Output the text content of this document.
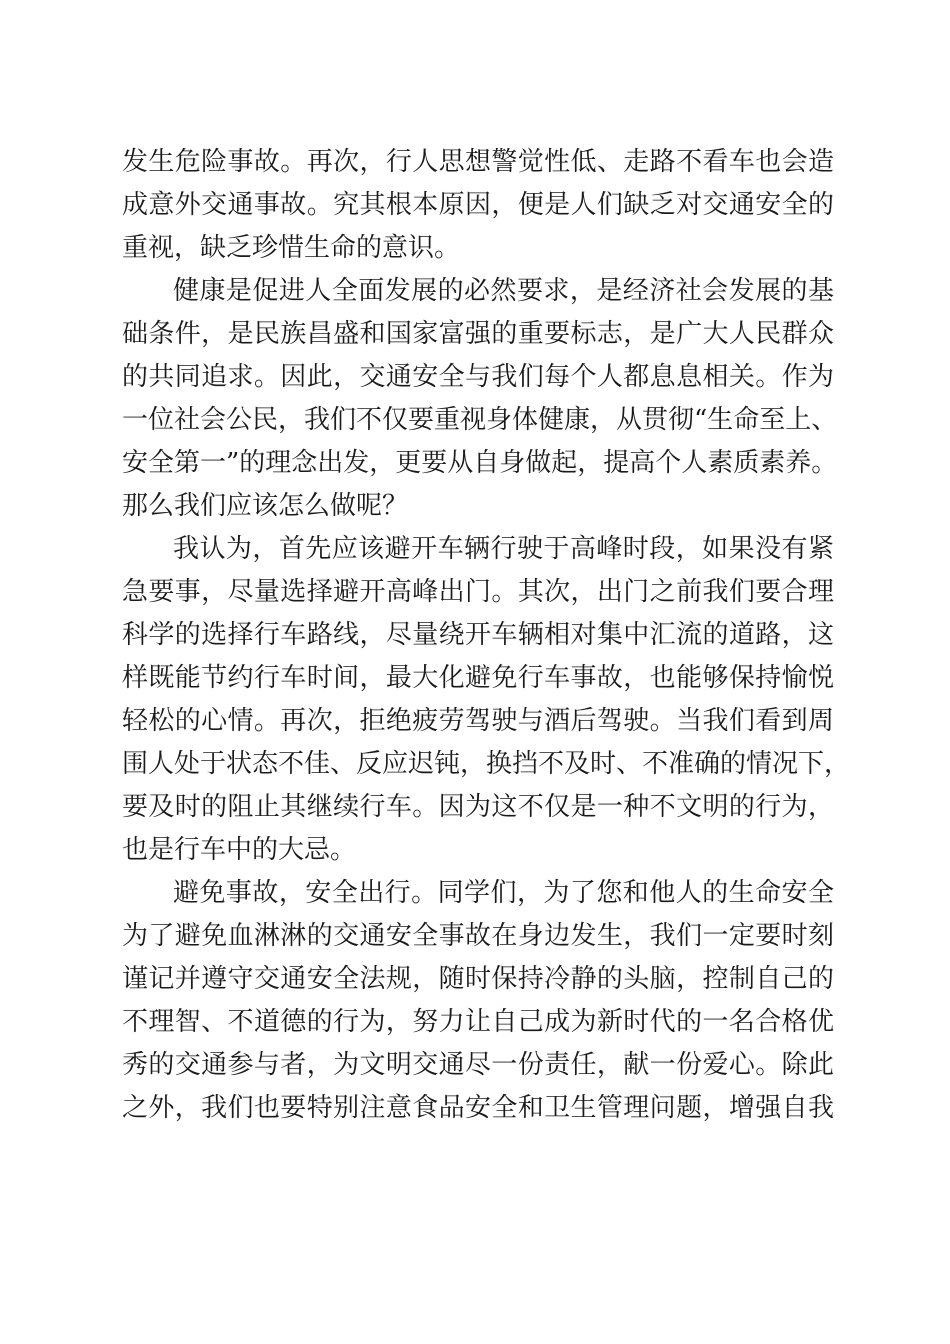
发生危险事故。再次，行人思想警觉性低、走路不看车也会造
成意外交通事故。究其根本原因，便是人们缺乏对交通安全的
重视，缺乏珍惜生命的意识。
健康是促进人全面发展的必然要求，是经济社会发展的基
础条件，是民族昌盛和国家富强的重要标志，是广大人民群众
的共同追求。因此，交通安全与我们每个人都息息相关。作为
一位社会公民，我们不仅要重视身体健康，从贯彻“生命至上、
安全第一”的理念出发，更要从自身做起，提高个人素质素养。
那么我们应该怎么做呢？
我认为，首先应该避开车辆行驶于高峰时段，如果没有紧
急要事，尽量选择避开高峰出门。其次，出门之前我们要合理
科学的选择行车路线，尽量绕开车辆相对集中汇流的道路，这
样既能节约行车时间，最大化避免行车事故，也能够保持愉悦
轻松的心情。再次，拒绝疲劳驾驶与酒后驾驶。当我们看到周
围人处于状态不佳、反应迟钝，换挡不及时、不准确的情况下，
要及时的阻止其继续行车。因为这不仅是一种不文明的行为，
也是行车中的大忌。
避免事故，安全出行。同学们，为了您和他人的生命安全
为了避免血淋淋的交通安全事故在身边发生，我们一定要时刻
谨记并遵守交通安全法规，随时保持冷静的头脑，控制自己的
不理智、不道德的行为，努力让自己成为新时代的一名合格优
秀的交通参与者，为文明交通尽一份责任，献一份爱心。除此
之外，我们也要特别注意食品安全和卫生管理问题，增强自我
